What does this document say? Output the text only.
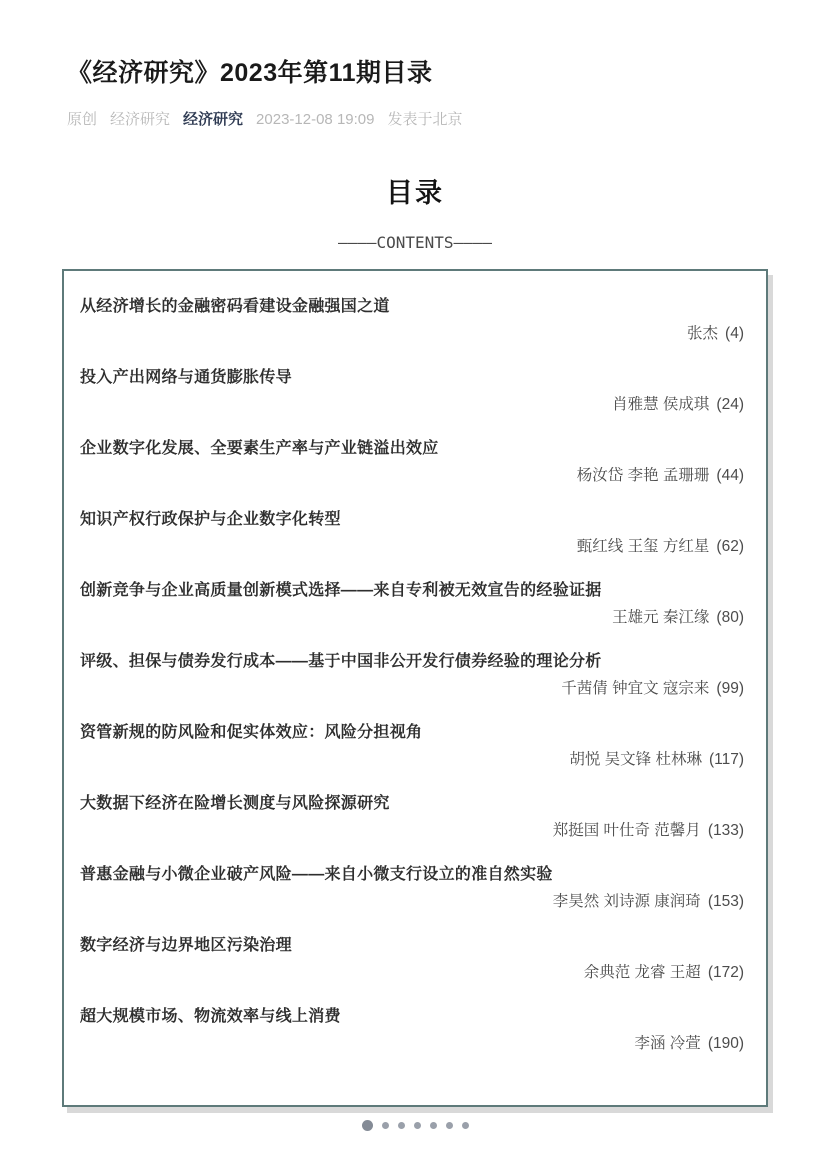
《经济研究》2023年第11期目录
原创 经济研究 经济研究 2023-12-08 19:09 发表于北京
目录
————CONTENTS————
从经济增长的金融密码看建设金融强国之道
张杰 (4)
投入产出网络与通货膨胀传导
肖雅慧 侯成琪 (24)
企业数字化发展、全要素生产率与产业链溢出效应
杨汝岱 李艳 孟珊珊 (44)
知识产权行政保护与企业数字化转型
甄红线 王玺 方红星 (62)
创新竞争与企业高质量创新模式选择——来自专利被无效宣告的经验证据
王雄元 秦江缘 (80)
评级、担保与债券发行成本——基于中国非公开发行债券经验的理论分析
千茜倩 钟宜文 寇宗来 (99)
资管新规的防风险和促实体效应：风险分担视角
胡悦 吴文锋 杜林琳 (117)
大数据下经济在险增长测度与风险探源研究
郑挺国 叶仕奇 范馨月 (133)
普惠金融与小微企业破产风险——来自小微支行设立的准自然实验
李昊然 刘诗源 康润琦 (153)
数字经济与边界地区污染治理
余典范 龙睿 王超 (172)
超大规模市场、物流效率与线上消费
李涵 冷萱 (190)
